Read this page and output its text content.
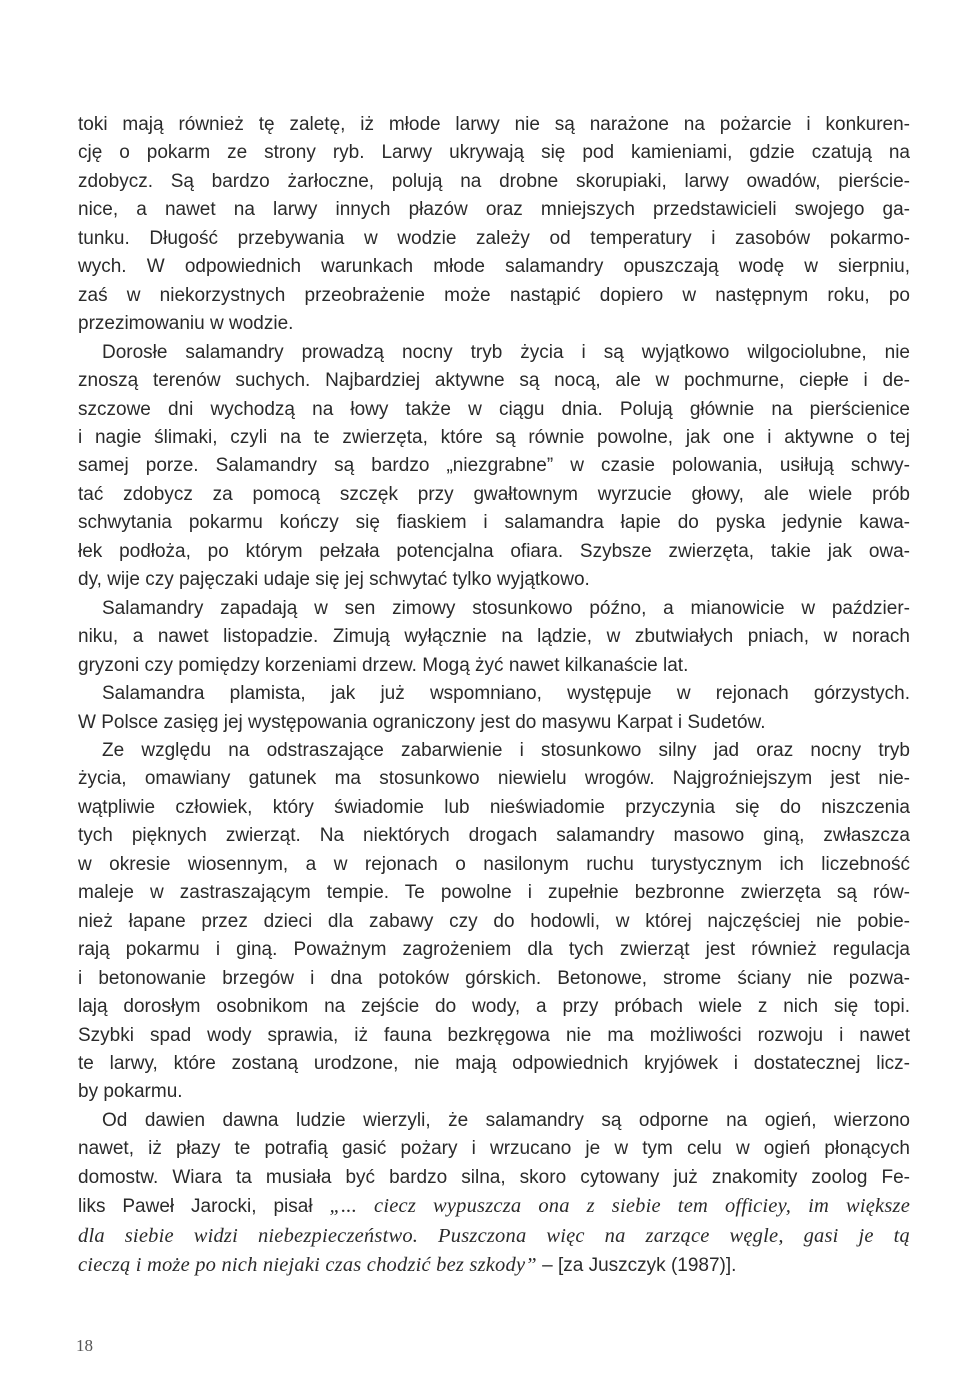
toki mają również tę zaletę, iż młode larwy nie są narażone na pożarcie i konkuren-
cję o pokarm ze strony ryb. Larwy ukrywają się pod kamieniami, gdzie czatują na
zdobycz. Są bardzo żarłoczne, polują na drobne skorupiaki, larwy owadów, pierście-
nice, a nawet na larwy innych płazów oraz mniejszych przedstawicieli swojego ga-
tunku. Długość przebywania w wodzie zależy od temperatury i zasobów pokarmo-
wych. W odpowiednich warunkach młode salamandry opuszczają wodę w sierpniu,
zaś w niekorzystnych przeobrażenie może nastąpić dopiero w następnym roku, po
przezimowaniu w wodzie.
Dorosłe salamandry prowadzą nocny tryb życia i są wyjątkowo wilgociolubne, nie
znoszą terenów suchych. Najbardziej aktywne są nocą, ale w pochmurne, ciepłe i de-
szczowe dni wychodzą na łowy także w ciągu dnia. Polują głównie na pierścienice
i nagie ślimaki, czyli na te zwierzęta, które są równie powolne, jak one i aktywne o tej
samej porze. Salamandry są bardzo „niezgrabne” w czasie polowania, usiłują schwy-
tać zdobycz za pomocą szczęk przy gwałtownym wyrzucie głowy, ale wiele prób
schwytania pokarmu kończy się fiaskiem i salamandra łapie do pyska jedynie kawa-
łek podłoża, po którym pełzała potencjalna ofiara. Szybsze zwierzęta, takie jak owa-
dy, wije czy pajęczaki udaje się jej schwytać tylko wyjątkowo.
Salamandry zapadają w sen zimowy stosunkowo późno, a mianowicie w paździer-
niku, a nawet listopadzie. Zimują wyłącznie na lądzie, w zbutwiałych pniach, w norach
gryzoni czy pomiędzy korzeniami drzew. Mogą żyć nawet kilkanaście lat.
Salamandra plamista, jak już wspomniano, występuje w rejonach górzystych.
W Polsce zasięg jej występowania ograniczony jest do masywu Karpat i Sudetów.
Ze względu na odstraszające zabarwienie i stosunkowo silny jad oraz nocny tryb
życia, omawiany gatunek ma stosunkowo niewielu wrogów. Najgroźniejszym jest nie-
wątpliwie człowiek, który świadomie lub nieświadomie przyczynia się do niszczenia
tych pięknych zwierząt. Na niektórych drogach salamandry masowo giną, zwłaszcza
w okresie wiosennym, a w rejonach o nasilonym ruchu turystycznym ich liczebność
maleje w zastraszającym tempie. Te powolne i zupełnie bezbronne zwierzęta są rów-
nież łapane przez dzieci dla zabawy czy do hodowli, w której najczęściej nie pobie-
rają pokarmu i giną. Poważnym zagrożeniem dla tych zwierząt jest również regulacja
i betonowanie brzegów i dna potoków górskich. Betonowe, strome ściany nie pozwa-
lają dorosłym osobnikom na zejście do wody, a przy próbach wiele z nich się topi.
Szybki spad wody sprawia, iż fauna bezkręgowa nie ma możliwości rozwoju i nawet
te larwy, które zostaną urodzone, nie mają odpowiednich kryjówek i dostatecznej licz-
by pokarmu.
Od dawien dawna ludzie wierzyli, że salamandry są odporne na ogień, wierzono
nawet, iż płazy te potrafią gasić pożary i wrzucano je w tym celu w ogień płonących
domostw. Wiara ta musiała być bardzo silna, skoro cytowany już znakomity zoolog Fe-
liks Paweł Jarocki, pisał „... ciecz wypuszcza ona z siebie tem officiey, im większe
dla siebie widzi niebezpieczeństwo. Puszczona więc na zarzące węgle, gasi je tą
cieczą i może po nich niejaki czas chodzić bez szkody” – [za Juszczyk (1987)].
18
